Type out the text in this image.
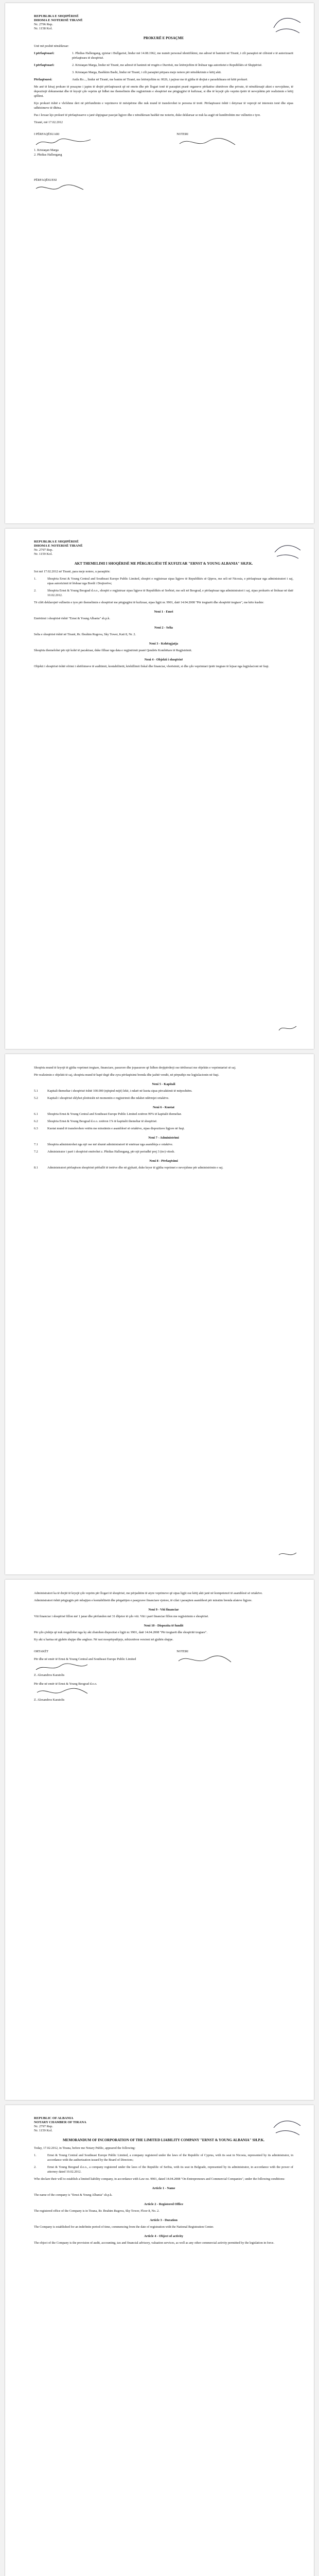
REPUBLIKA E SHQIPËRISË
DHOMA E NOTERISË TIRANË
Nr. 2796 Rep.
Nr. 1158 Kol.
PROKURË E POSAÇME

Unë më poshtë nënshkruar:

I përfaqësuari:	1. Phidias Hallengang, qytetar i Bullgarisë, lindur më 14.08.1962, me numër personal identifikimi, me adresë të banimit në Tiranë, i cili paraqitet në cilësinë e të autorizuarit përfaqësues të shoqërisë.
I përfaqësuari:	2. Kristaqan Marga, lindur në Tiranë, me adresë të banimit në rrugën e Durrësit, me letërnjoftim të lëshuar nga autoritetet e Republikës së Shqipërisë.
3. Kristaqan Marga, Bashkim Bashi, lindur në Tiranë, i cili paraqitet përpara meje notere për nënshkrimin e këtij akti.
Përfaqësuesi:	Anila Ro..., lindur në Tiranë, me banim në Tiranë, me letërnjoftim nr. 0026, i pajisur me të gjitha të drejtat e parashikuara në këtë prokurë.

Me anë të kësaj prokure të posaçme i japim të drejtë përfaqësuesit që në emrin dhe për llogari tonë të paraqitet pranë organeve përkatëse shtetërore dhe private, të nënshkruajë aktet e nevojshme, të depozitojë dokumentat dhe të kryejë çdo veprim që lidhet me themelimin dhe regjistrimin e shoqërisë me përgjegjësi të kufizuar, si dhe të kryejë çdo veprim tjetër të nevojshëm për realizimin e këtij qëllimi.

Kjo prokurë është e vlefshme deri në përfundimin e veprimeve të mësipërme dhe nuk mund të transferohet te persona të tretë. Përfaqësuesi është i detyruar të veprojë në interesin tonë dhe sipas udhëzimeve të dhëna.

Pas i lexuar kjo prokurë të përfaqësuarve u janë shpjeguar pasojat ligjore dhe e nënshkruan bashkë me noterin, duke deklaruar se nuk ka asgjë në kundërshtim me vullnetin e tyre.

Tiranë, më 17.02.2012

I PËRFAQËSUARI
1. Kristaqan Marga
2. Phidias Hallengang
NOTERI
PËRFAQËSUESI
REPUBLIKA E SHQIPËRISË
DHOMA E NOTERISË TIRANË
Nr. 2797 Rep.
Nr. 1159 Kol.
AKT THEMELIMI I SHOQËRISË ME PËRGJEGJËSI TË KUFIZUAR "ERNST & YOUNG ALBANIA" SH.P.K.

Sot më 17.02.2012 në Tiranë, para meje notere, u paraqitën:

1.	Shoqëria Ernst & Young Central and Southeast Europe Public Limited, shoqëri e regjistruar sipas ligjeve të Republikës së Qipros, me seli në Nicosia, e përfaqësuar nga administratori i saj, sipas autorizimit të lëshuar nga Bordi i Drejtorëve;
2.	Shoqëria Ernst & Young Beograd d.o.o., shoqëri e regjistruar sipas ligjeve të Republikës së Serbisë, me seli në Beograd, e përfaqësuar nga administratori i saj, sipas prokurës së lëshuar në datë 10.02.2012.

Të cilët deklarojnë vullnetin e tyre për themelimin e shoqërisë me përgjegjësi të kufizuar, sipas ligjit nr. 9901, datë 14.04.2008 "Për tregtarët dhe shoqëritë tregtare", me këto kushte:

Neni 1 - Emri

Emërtimi i shoqërisë është "Ernst & Young Albania" sh.p.k.

Neni 2 - Selia

Selia e shoqërisë është në Tiranë, Rr. Ibrahim Rugova, Sky Tower, Kati 8, Nr. 2.

Neni 3 - Kohëzgjatja

Shoqëria themelohet për një kohë të pacaktuar, duke filluar nga data e regjistrimit pranë Qendrës Kombëtare të Regjistrimit.

Neni 4 - Objekti i shoqërisë

Objekti i shoqërisë është ofrimi i shërbimeve të auditimit, kontabilitetit, këshillimit fiskal dhe financiar, vlerësimit, si dhe çdo veprimtari tjetër tregtare të lejuar nga legjislacioni në fuqi.

Shoqëria mund të kryejë të gjitha veprimet tregtare, financiare, pasurore dhe jopasurore që lidhen drejtpërdrejt ose tërthorazi me objektin e veprimtarisë së saj.

Për realizimin e objektit të saj, shoqëria mund të hapë degë dhe zyra përfaqësimi brenda dhe jashtë vendit, në përputhje me legjislacionin në fuqi.

Neni 5 - Kapitali
5.1	Kapitali themeltar i shoqërisë është 100.000 (njëqind mijë) lekë, i ndarë në kuota sipas përcaktimit të mëposhtëm.
5.2	Kapitali i shoqërisë shlyhet plotësisht në momentin e regjistrimit dhe ndahet ndërmjet ortakëve.
Neni 6 - Kuotat
6.1	Shoqëria Ernst & Young Central and Southeast Europe Public Limited zotëron 99% të kapitalit themeltar.
6.2	Shoqëria Ernst & Young Beograd d.o.o. zotëron 1% të kapitalit themeltar të shoqërisë.
6.3	Kuotat mund të transferohen vetëm me miratimin e asamblesë së ortakëve, sipas dispozitave ligjore në fuqi.
Neni 7 - Administrimi
7.1	Shoqëria administrohet nga një ose më shumë administratorë të emëruar nga asambleja e ortakëve.
7.2	Administrator i parë i shoqërisë emërohet z. Phidias Hallengang, për një periudhë prej 3 (tre) vitesh.
Neni 8 - Përfaqësimi
8.1	Administratori përfaqëson shoqërinë përballë të tretëve dhe në gjykatë, duke kryer të gjitha veprimet e nevojshme për administrimin e saj.

Administratori ka të drejtë të kryejë çdo veprim për llogari të shoqërisë, me përjashtim të atyre veprimeve që sipas ligjit ose këtij akti janë në kompetencë të asamblesë së ortakëve.

Administratori është përgjegjës për mbajtjen e kontabilitetit dhe përgatitjen e pasqyrave financiare vjetore, të cilat i paraqiten asamblesë për miratim brenda afateve ligjore.

Neni 9 - Viti financiar

Viti financiar i shoqërisë fillon më 1 janar dhe përfundon më 31 dhjetor të çdo viti. Viti i parë financiar fillon me regjistrimin e shoqërisë.

Neni 10 - Dispozita të fundit

Për çdo çështje që nuk rregullohet nga ky akt zbatohen dispozitat e ligjit nr. 9901, datë 14.04.2008 "Për tregtarët dhe shoqëritë tregtare".

Ky akt u hartua në gjuhën shqipe dhe angleze. Në rast mospërputhjeje, mbizotëron versioni në gjuhën shqipe.

ORTAKËT
Për dhe në emër të Ernst & Young Central and Southeast Europe Public Limited
Z. Alexandros Karatolis
Për dhe në emër të Ernst & Young Beograd d.o.o.
Z. Alexandros Karatolis
NOTERI
REPUBLIC OF ALBANIA
NOTARY CHAMBER OF TIRANA
Nr. 2797 Rep.
Nr. 1159 Kol.
MEMORANDUM OF INCORPORATION OF THE LIMITED LIABILITY COMPANY "ERNST & YOUNG ALBANIA" SH.P.K.

Today, 17.02.2012, in Tirana, before me Notary Public, appeared the following:

1.	Ernst & Young Central and Southeast Europe Public Limited, a company registered under the laws of the Republic of Cyprus, with its seat in Nicosia, represented by its administrator, in accordance with the authorization issued by the Board of Directors;
2.	Ernst & Young Beograd d.o.o., a company registered under the laws of the Republic of Serbia, with its seat in Belgrade, represented by its administrator, in accordance with the power of attorney dated 10.02.2012.

Who declare their will to establish a limited liability company, in accordance with Law no. 9901, dated 14.04.2008 "On Entrepreneurs and Commercial Companies", under the following conditions:

Article 1 - Name

The name of the company is "Ernst & Young Albania" sh.p.k.

Article 2 - Registered Office

The registered office of the Company is in Tirana, Rr. Ibrahim Rugova, Sky Tower, Floor 8, No. 2.

Article 3 - Duration

The Company is established for an indefinite period of time, commencing from the date of registration with the National Registration Center.

Article 4 - Object of activity

The object of the Company is the provision of audit, accounting, tax and financial advisory, valuation services, as well as any other commercial activity permitted by the legislation in force.
